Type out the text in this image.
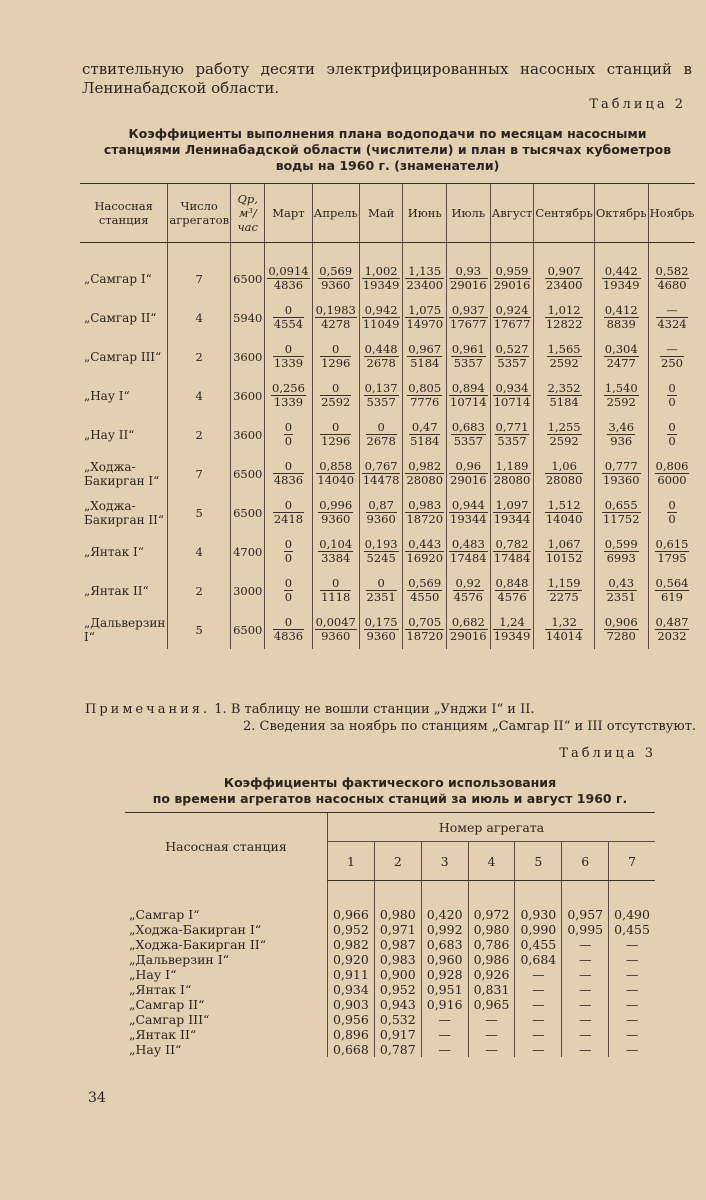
ствительную работу десяти электрифицированных насосных станций в Ленинабадской области.
Таблица 2
Коэффициенты выполнения плана водоподачи по месяцам насосными станциями Ленинабадской области (числители) и план в тысячах кубометров воды на 1960 г. (знаменатели)
Насосная станция	Число агрегатов	Qр, м³/час	Март	Апрель	Май	Июнь	Июль	Август	Сентябрь	Октябрь	Ноябрь
„Самгар I“	7	6500	$\frac{0,0914}{4836}$	$\frac{0,569}{9360}$	$\frac{1,002}{19349}$	$\frac{1,135}{23400}$	$\frac{0,93}{29016}$	$\frac{0,959}{29016}$	$\frac{0,907}{23400}$	$\frac{0,442}{19349}$	$\frac{0,582}{4680}$

„Самгар II“	4	5940	$\frac{0}{4554}$	$\frac{0,1983}{4278}$	$\frac{0,942}{11049}$	$\frac{1,075}{14970}$	$\frac{0,937}{17677}$	$\frac{0,924}{17677}$	$\frac{1,012}{12822}$	$\frac{0,412}{8839}$	$\frac{—}{4324}$

„Самгар III“	2	3600	$\frac{0}{1339}$	$\frac{0}{1296}$	$\frac{0,448}{2678}$	$\frac{0,967}{5184}$	$\frac{0,961}{5357}$	$\frac{0,527}{5357}$	$\frac{1,565}{2592}$	$\frac{0,304}{2477}$	$\frac{—}{250}$

„Нау I“	4	3600	$\frac{0,256}{1339}$	$\frac{0}{2592}$	$\frac{0,137}{5357}$	$\frac{0,805}{7776}$	$\frac{0,894}{10714}$	$\frac{0,934}{10714}$	$\frac{2,352}{5184}$	$\frac{1,540}{2592}$	$\frac{0}{0}$

„Нау II“	2	3600	$\frac{0}{0}$	$\frac{0}{1296}$	$\frac{0}{2678}$	$\frac{0,47}{5184}$	$\frac{0,683}{5357}$	$\frac{0,771}{5357}$	$\frac{1,255}{2592}$	$\frac{3,46}{936}$	$\frac{0}{0}$

„Ходжа-Бакирган I“	7	6500	$\frac{0}{4836}$	$\frac{0,858}{14040}$	$\frac{0,767}{14478}$	$\frac{0,982}{28080}$	$\frac{0,96}{29016}$	$\frac{1,189}{28080}$	$\frac{1,06}{28080}$	$\frac{0,777}{19360}$	$\frac{0,806}{6000}$

„Ходжа-Бакирган II“	5	6500	$\frac{0}{2418}$	$\frac{0,996}{9360}$	$\frac{0,87}{9360}$	$\frac{0,983}{18720}$	$\frac{0,944}{19344}$	$\frac{1,097}{19344}$	$\frac{1,512}{14040}$	$\frac{0,655}{11752}$	$\frac{0}{0}$

„Янтак I“	4	4700	$\frac{0}{0}$	$\frac{0,104}{3384}$	$\frac{0,193}{5245}$	$\frac{0,443}{16920}$	$\frac{0,483}{17484}$	$\frac{0,782}{17484}$	$\frac{1,067}{10152}$	$\frac{0,599}{6993}$	$\frac{0,615}{1795}$

„Янтак II“	2	3000	$\frac{0}{0}$	$\frac{0}{1118}$	$\frac{0}{2351}$	$\frac{0,569}{4550}$	$\frac{0,92}{4576}$	$\frac{0,848}{4576}$	$\frac{1,159}{2275}$	$\frac{0,43}{2351}$	$\frac{0,564}{619}$

„Дальверзин I“	5	6500	$\frac{0}{4836}$	$\frac{0,0047}{9360}$	$\frac{0,175}{9360}$	$\frac{0,705}{18720}$	$\frac{0,682}{29016}$	$\frac{1,24}{19349}$	$\frac{1,32}{14014}$	$\frac{0,906}{7280}$	$\frac{0,487}{2032}$
Примечания. 1. В таблицу не вошли станции „Унджи I“ и II.
2. Сведения за ноябрь по станциям „Самгар II“ и III отсутствуют.
Таблица 3
Коэффициенты фактического использования
по времени агрегатов насосных станций за июль и август 1960 г.
Насосная станция	Номер агрегата						
	1	2	3	4	5	6	7
„Самгар I“	0,966	0,980	0,420	0,972	0,930	0,957	0,490
„Ходжа-Бакирган I“	0,952	0,971	0,992	0,980	0,990	0,995	0,455
„Ходжа-Бакирган II“	0,982	0,987	0,683	0,786	0,455	—	—
„Дальверзин I“	0,920	0,983	0,960	0,986	0,684	—	—
„Нау I“	0,911	0,900	0,928	0,926	—	—	—
„Янтак I“	0,934	0,952	0,951	0,831	—	—	—
„Самгар II“	0,903	0,943	0,916	0,965	—	—	—
„Самгар III“	0,956	0,532	—	—	—	—	—
„Янтак II“	0,896	0,917	—	—	—	—	—
„Нау II“	0,668	0,787	—	—	—	—	—
34
